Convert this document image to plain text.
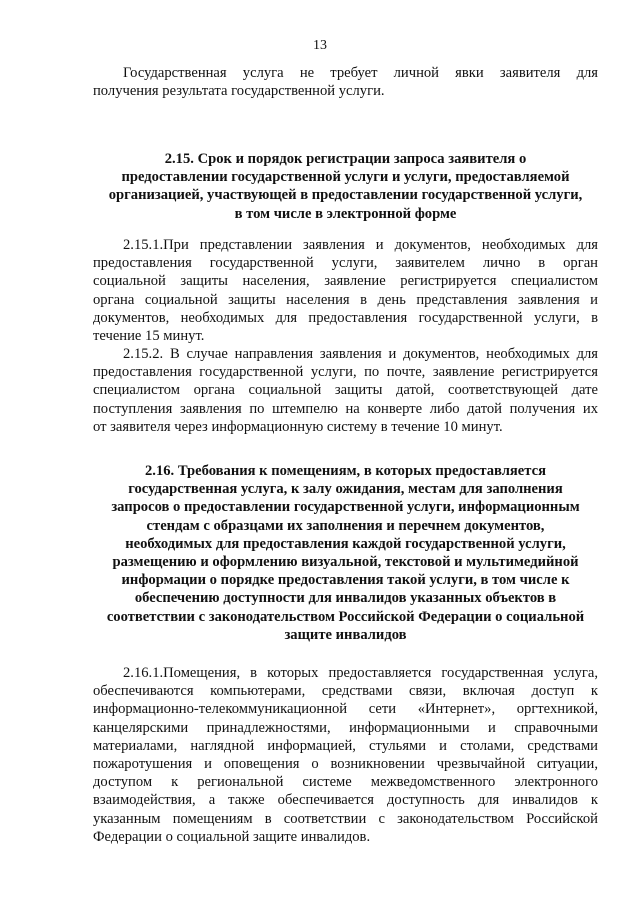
13
Государственная услуга не требует личной явки заявителя для
получения результата государственной услуги.
2.15. Срок и порядок регистрации запроса заявителя о
предоставлении государственной услуги и услуги, предоставляемой
организацией, участвующей в предоставлении государственной услуги,
в том числе в электронной форме
2.15.1.При представлении заявления и документов, необходимых для
предоставления государственной услуги, заявителем лично в орган
социальной защиты населения, заявление регистрируется специалистом
органа социальной защиты населения в день представления заявления и
документов, необходимых для предоставления государственной услуги, в
течение 15 минут.
2.15.2. В случае направления заявления и документов, необходимых для
предоставления государственной услуги, по почте, заявление регистрируется
специалистом органа социальной защиты датой, соответствующей дате
поступления заявления по штемпелю на конверте либо датой получения их
от заявителя через информационную систему в течение 10 минут.
2.16. Требования к помещениям, в которых предоставляется
государственная услуга, к залу ожидания, местам для заполнения
запросов о предоставлении государственной услуги, информационным
стендам с образцами их заполнения и перечнем документов,
необходимых для предоставления каждой государственной услуги,
размещению и оформлению визуальной, текстовой и мультимедийной
информации о порядке предоставления такой услуги, в том числе к
обеспечению доступности для инвалидов указанных объектов в
соответствии с законодательством Российской Федерации о социальной
защите инвалидов
2.16.1.Помещения, в которых предоставляется государственная услуга,
обеспечиваются компьютерами, средствами связи, включая доступ к
информационно-телекоммуникационной сети «Интернет», оргтехникой,
канцелярскими принадлежностями, информационными и справочными
материалами, наглядной информацией, стульями и столами, средствами
пожаротушения и оповещения о возникновении чрезвычайной ситуации,
доступом к региональной системе межведомственного электронного
взаимодействия, а также обеспечивается доступность для инвалидов к
указанным помещениям в соответствии с законодательством Российской
Федерации о социальной защите инвалидов.
